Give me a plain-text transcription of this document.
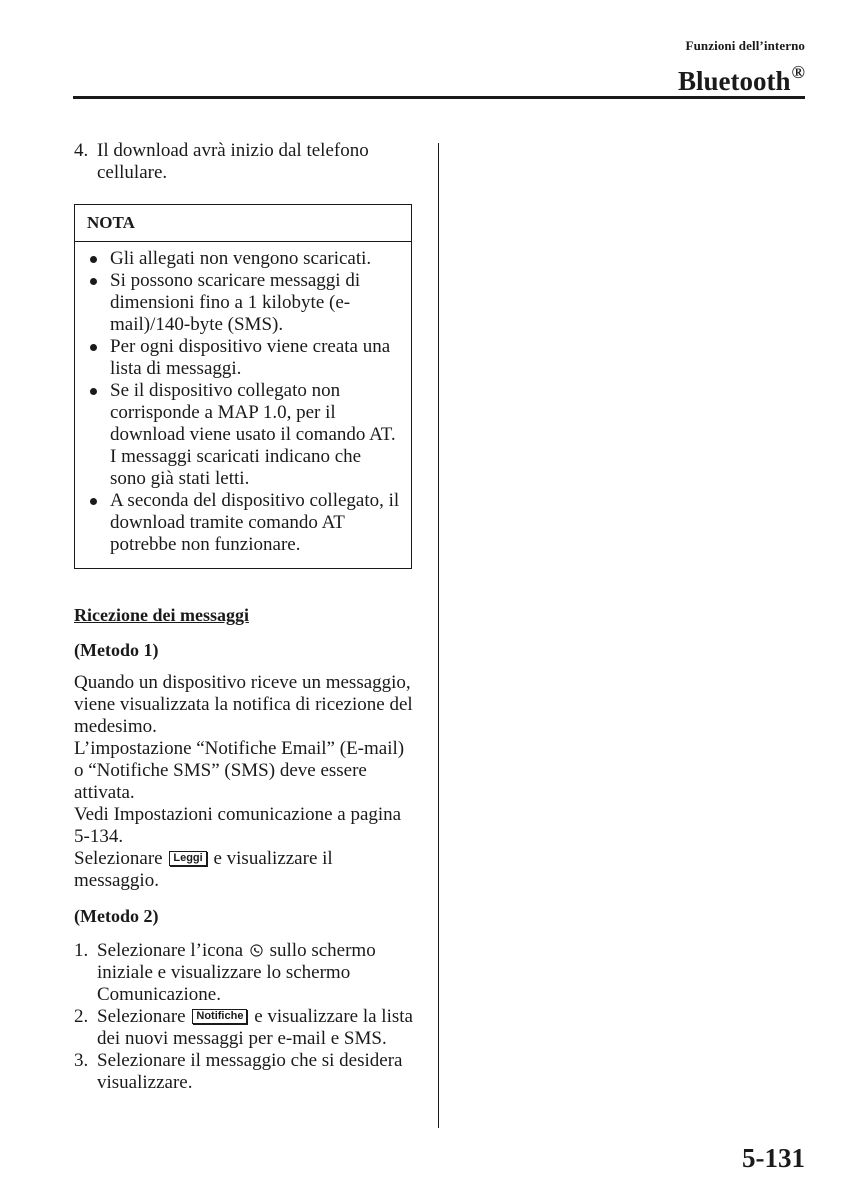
Funzioni dell’interno
Bluetooth®
4. Il download avrà inizio dal telefono cellulare.
NOTA
Gli allegati non vengono scaricati.
Si possono scaricare messaggi di dimensioni fino a 1 kilobyte (e-mail)/140-byte (SMS).
Per ogni dispositivo viene creata una lista di messaggi.
Se il dispositivo collegato non corrisponde a MAP 1.0, per il download viene usato il comando AT. I messaggi scaricati indicano che sono già stati letti.
A seconda del dispositivo collegato, il download tramite comando AT potrebbe non funzionare.
Ricezione dei messaggi
(Metodo 1)
Quando un dispositivo riceve un messaggio, viene visualizzata la notifica di ricezione del medesimo.
L’impostazione “Notifiche Email” (E-mail) o “Notifiche SMS” (SMS) deve essere attivata.
Vedi Impostazioni comunicazione a pagina 5-134.
Selezionare Leggi e visualizzare il messaggio.
(Metodo 2)
1. Selezionare l’icona sullo schermo iniziale e visualizzare lo schermo Comunicazione.
2. Selezionare Notifiche e visualizzare la lista dei nuovi messaggi per e-mail e SMS.
3. Selezionare il messaggio che si desidera visualizzare.
5-131
